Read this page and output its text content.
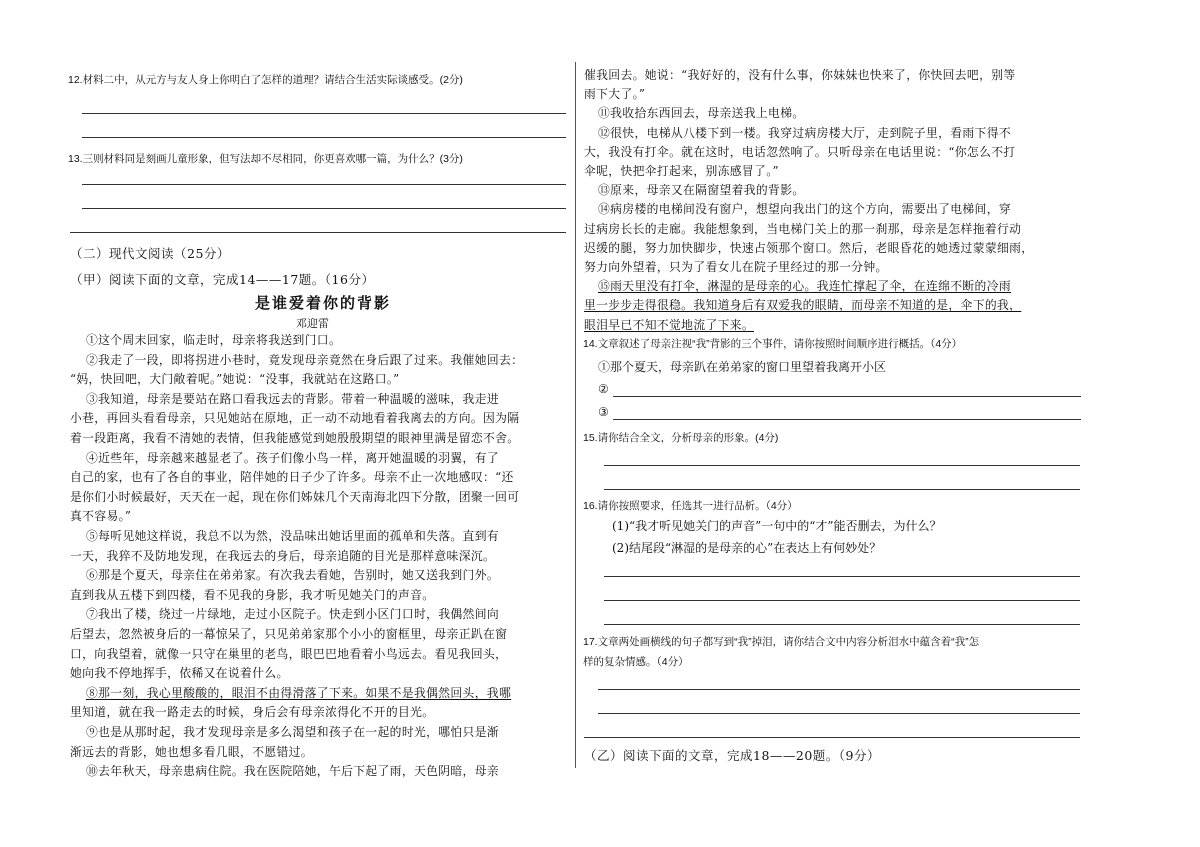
12.材料二中，从元方与友人身上你明白了怎样的道理？请结合生活实际谈感受。(2分)
13.三则材料同是刻画儿童形象，但写法却不尽相同，你更喜欢哪一篇，为什么？(3分)
（二）现代文阅读（25分）
（甲）阅读下面的文章，完成14——17题。（16分）
是谁爱着你的背影
邓迎雷
①这个周末回家，临走时，母亲将我送到门口。
②我走了一段，即将拐进小巷时，竟发现母亲竟然在身后跟了过来。我催她回去：
“妈，快回吧，大门敞着呢。”她说：“没事，我就站在这路口。”
③我知道，母亲是要站在路口看我远去的背影。带着一种温暖的滋味，我走进
小巷，再回头看看母亲，只见她站在原地，正一动不动地看着我离去的方向。因为隔
着一段距离，我看不清她的表情，但我能感觉到她殷殷期望的眼神里满是留恋不舍。
④近些年，母亲越来越显老了。孩子们像小鸟一样，离开她温暖的羽翼，有了
自己的家，也有了各自的事业，陪伴她的日子少了许多。母亲不止一次地感叹：“还
是你们小时候最好，天天在一起，现在你们姊妹几个天南海北四下分散，团聚一回可
真不容易。”
⑤每听见她这样说，我总不以为然，没品味出她话里面的孤单和失落。直到有
一天，我猝不及防地发现，在我远去的身后，母亲追随的目光是那样意味深沉。
⑥那是个夏天，母亲住在弟弟家。有次我去看她，告别时，她又送我到门外。
直到我从五楼下到四楼，看不见我的身影，我才听见她关门的声音。
⑦我出了楼，绕过一片绿地，走过小区院子。快走到小区门口时，我偶然间向
后望去，忽然被身后的一幕惊呆了，只见弟弟家那个小小的窗框里，母亲正趴在窗
口，向我望着，就像一只守在巢里的老鸟，眼巴巴地看着小鸟远去。看见我回头，
她向我不停地挥手，依稀又在说着什么。
⑧那一刻，我心里酸酸的，眼泪不由得滑落了下来。如果不是我偶然回头，我哪
里知道，就在我一路走去的时候，身后会有母亲浓得化不开的目光。
⑨也是从那时起，我才发现母亲是多么渴望和孩子在一起的时光，哪怕只是渐
渐远去的背影，她也想多看几眼，不愿错过。
⑩去年秋天，母亲患病住院。我在医院陪她，午后下起了雨，天色阴暗，母亲
催我回去。她说：“我好好的，没有什么事，你妹妹也快来了，你快回去吧，别等
雨下大了。”
⑪我收拾东西回去，母亲送我上电梯。
⑫很快，电梯从八楼下到一楼。我穿过病房楼大厅，走到院子里，看雨下得不
大，我没有打伞。就在这时，电话忽然响了。只听母亲在电话里说：“你怎么不打
伞呢，快把伞打起来，别冻感冒了。”
⑬原来，母亲又在隔窗望着我的背影。
⑭病房楼的电梯间没有窗户，想望向我出门的这个方向，需要出了电梯间，穿
过病房长长的走廊。我能想象到，当电梯门关上的那一刹那，母亲是怎样拖着行动
迟缓的腿，努力加快脚步，快速占领那个窗口。然后，老眼昏花的她透过蒙蒙细雨，
努力向外望着，只为了看女儿在院子里经过的那一分钟。
⑮雨天里没有打伞，淋湿的是母亲的心。我连忙撑起了伞，在连绵不断的冷雨
里一步步走得很稳。我知道身后有双爱我的眼睛，而母亲不知道的是，伞下的我，
眼泪早已不知不觉地流了下来。
14.文章叙述了母亲注视“我”背影的三个事件，请你按照时间顺序进行概括。（4分）
①那个夏天，母亲趴在弟弟家的窗口里望着我离开小区
②
③
15.请你结合全文，分析母亲的形象。(4分)
16.请你按照要求，任选其一进行品析。（4分）
(1)“我才听见她关门的声音”一句中的“才”能否删去，为什么？
(2)结尾段“淋湿的是母亲的心”在表达上有何妙处？
17.文章两处画横线的句子都写到“我”掉泪，请你结合文中内容分析泪水中蕴含着“我”怎
样的复杂情感。（4分）
（乙）阅读下面的文章，完成18——20题。（9分）
